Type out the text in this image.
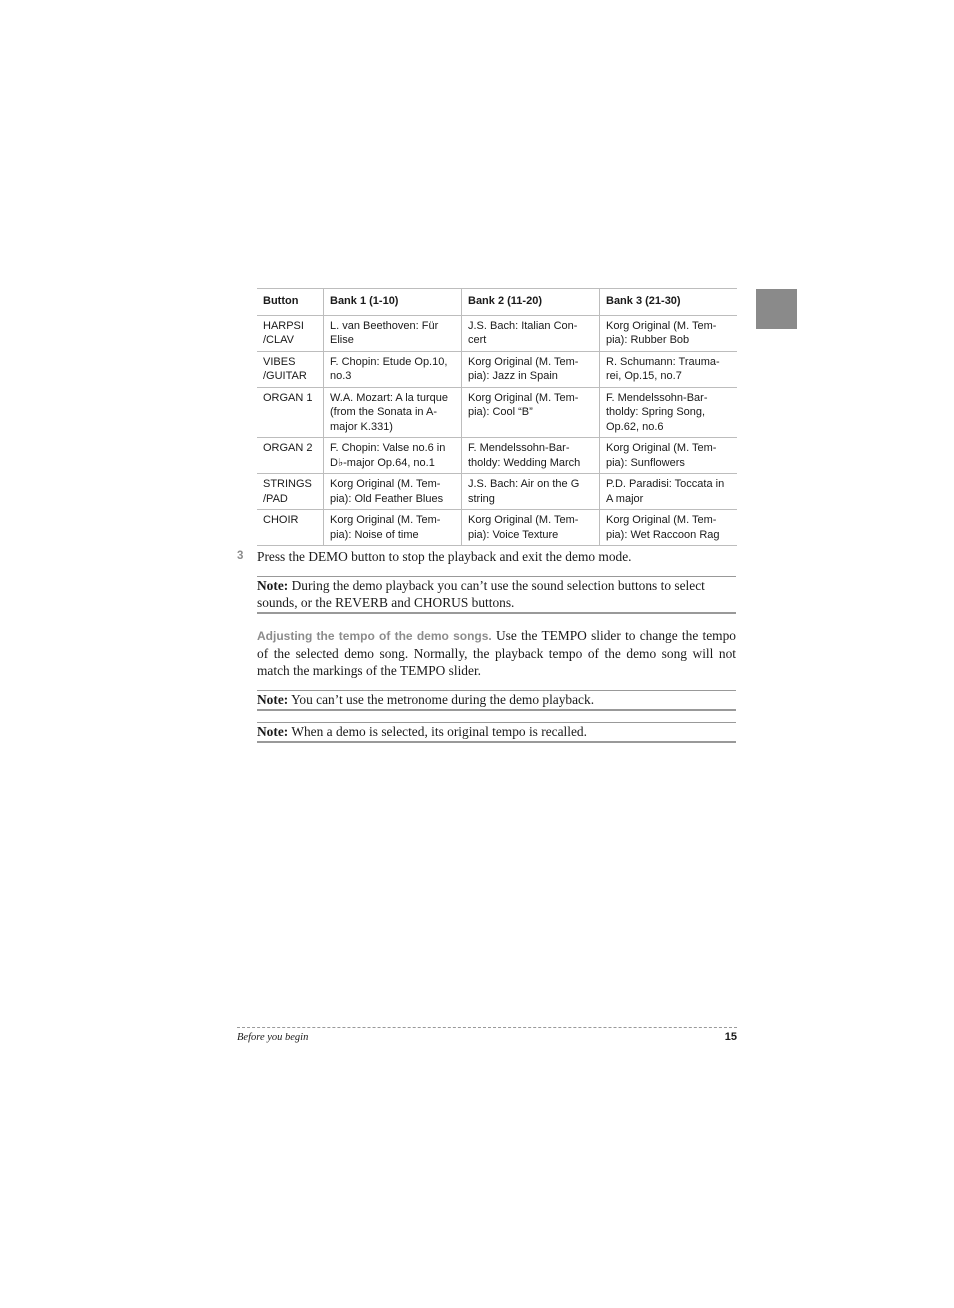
Button	Bank 1 (1-10)	Bank 2 (11-20)	Bank 3 (21-30)
HARPSI
/CLAV	L. van Beethoven: Für Elise	J.S. Bach: Italian Con-cert	Korg Original (M. Tem-pia): Rubber Bob
VIBES
/GUITAR	F. Chopin: Etude Op.10, no.3	Korg Original (M. Tem-pia): Jazz in Spain	R. Schumann: Trauma-rei, Op.15, no.7
ORGAN 1	W.A. Mozart: A la turque (from the Sonata in A-major K.331)	Korg Original (M. Tem-pia): Cool “B”	F. Mendelssohn-Bar-tholdy: Spring Song, Op.62, no.6
ORGAN 2	F. Chopin: Valse no.6 in D♭-major Op.64, no.1	F. Mendelssohn-Bar-tholdy: Wedding March	Korg Original (M. Tem-pia): Sunflowers
STRINGS
/PAD	Korg Original (M. Tem-pia): Old Feather Blues	J.S. Bach: Air on the G string	P.D. Paradisi: Toccata in A major
CHOIR	Korg Original (M. Tem-pia): Noise of time	Korg Original (M. Tem-pia): Voice Texture	Korg Original (M. Tem-pia): Wet Raccoon Rag
3 Press the DEMO button to stop the playback and exit the demo mode.
Note: During the demo playback you can’t use the sound selection buttons to select sounds, or the REVERB and CHORUS buttons.
Adjusting the tempo of the demo songs. Use the TEMPO slider to change the tempo of the selected demo song. Normally, the playback tempo of the demo song will not match the markings of the TEMPO slider.
Note: You can’t use the metronome during the demo playback.
Note: When a demo is selected, its original tempo is recalled.
Before you begin	15
